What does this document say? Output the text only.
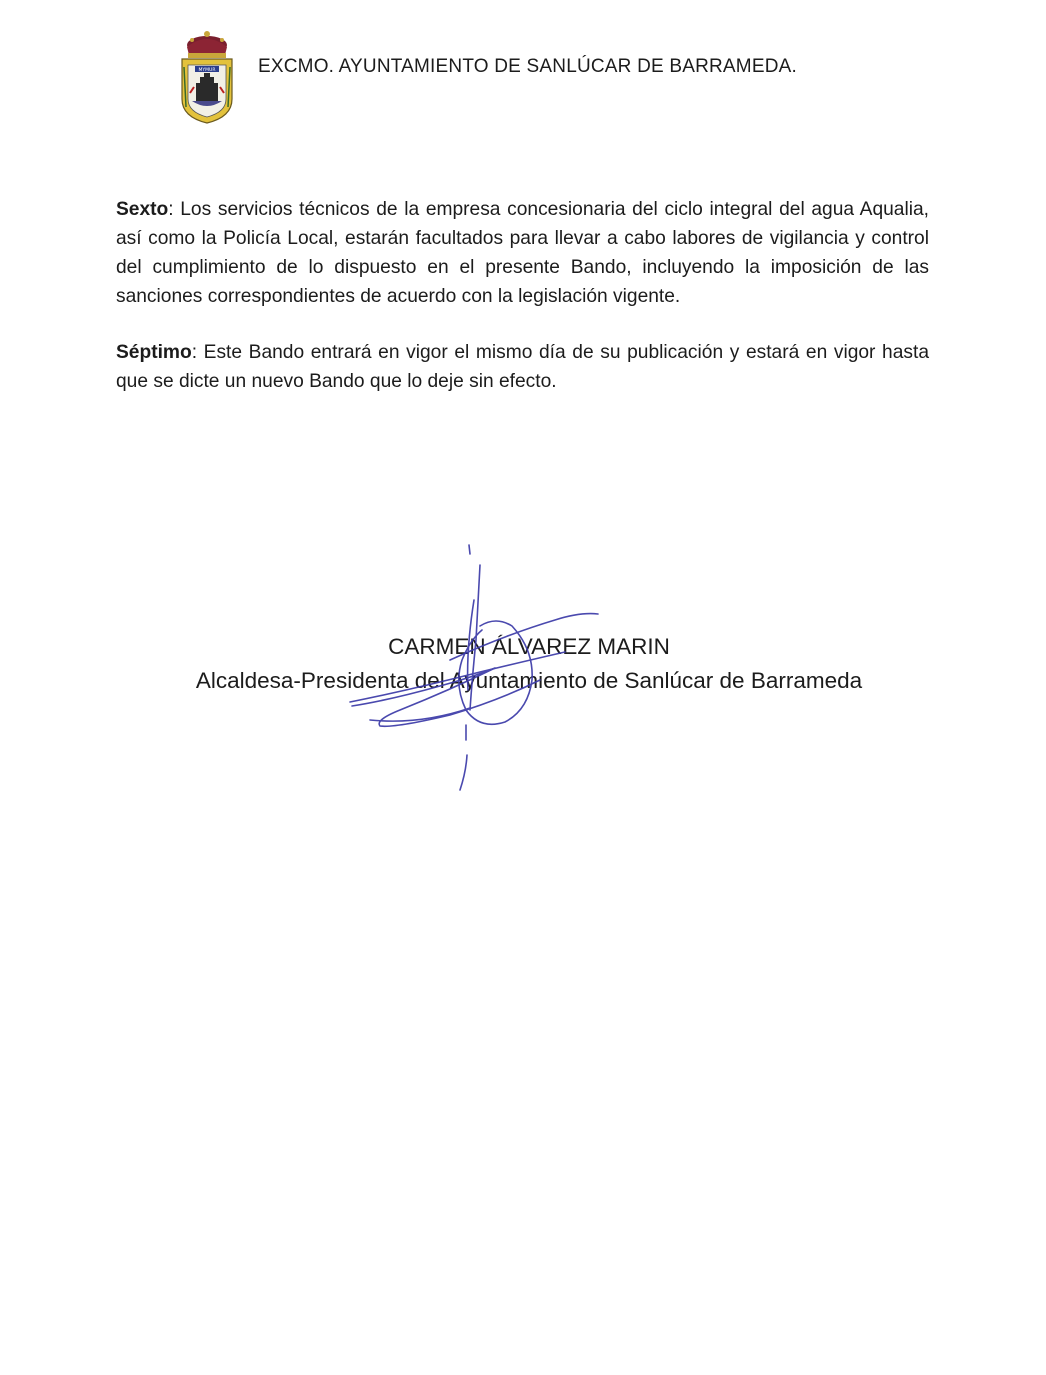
MYMUR EXCMO. AYUNTAMIENTO DE SANLÚCAR DE BARRAMEDA.

Sexto: Los servicios técnicos de la empresa concesionaria del ciclo integral del agua Aqualia, así como la Policía Local, estarán facultados para llevar a cabo labores de vigilancia y control del cumplimiento de lo dispuesto en el presente Bando, incluyendo la imposición de las sanciones correspondientes de acuerdo con la legislación vigente.

Séptimo: Este Bando entrará en vigor el mismo día de su publicación y estará en vigor hasta que se dicte un nuevo Bando que lo deje sin efecto.

CARMEN ÁLVAREZ MARIN
Alcaldesa-Presidenta del Ayuntamiento de Sanlúcar de Barrameda
